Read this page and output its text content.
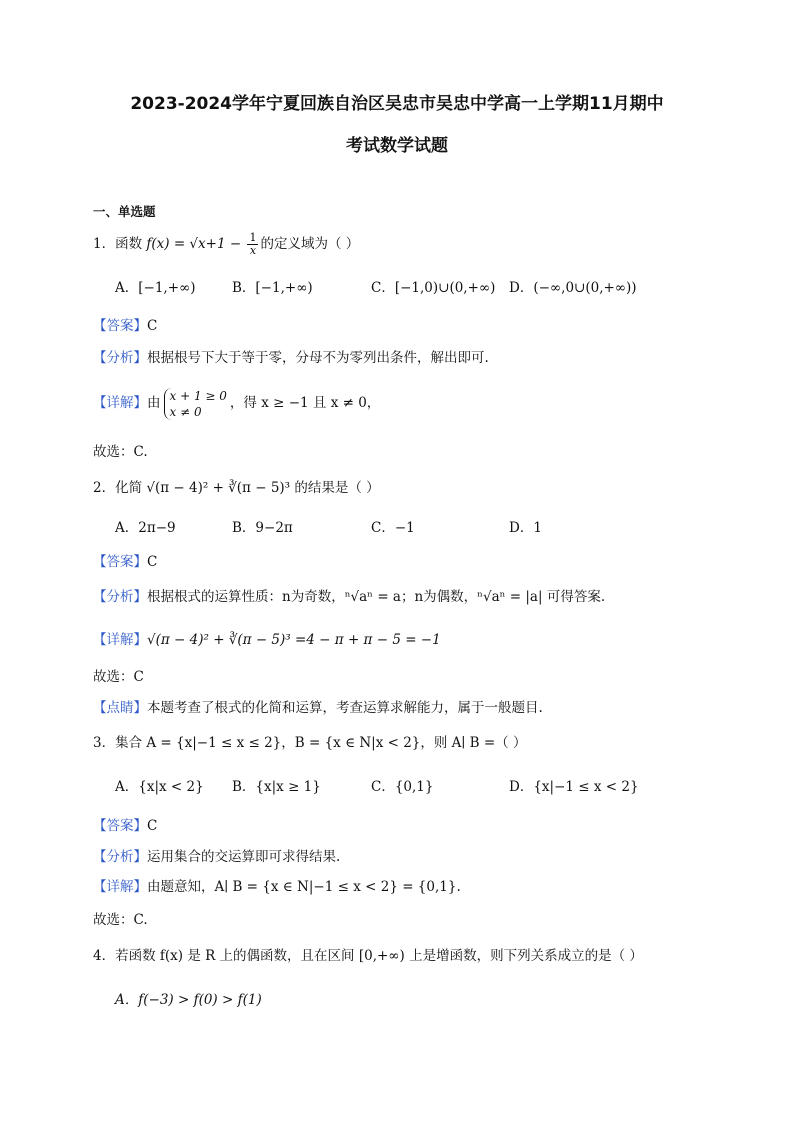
2023-2024学年宁夏回族自治区吴忠市吴忠中学高一上学期11月期中
考试数学试题
一、单选题
1．函数 $f(x) = √x+1 - \frac{1}{x}$ 的定义域为（ ）
A．[−1,+∞)	B．[−1,+∞)	C．[−1,0)∪(0,+∞) D．(−∞,0∪(0,+∞))
【答案】C
【分析】根据根号下大于等于零，分母不为零列出条件，解出即可.
【详解】由 x + 1 ≥ 0
x ≠ 0
，得 x ≥ −1 且 x ≠ 0，
故选：C.
2．化简 √(π − 4)² + ∛(π − 5)³ 的结果是（ ）
A．2π−9	B．9−2π	C．−1	D．1
【答案】C
【分析】根据根式的运算性质：n为奇数，ⁿ√aⁿ = a；n为偶数，ⁿ√aⁿ = |a| 可得答案.
【详解】√(π − 4)² + ∛(π − 5)³ =4 − π + π − 5 = −1
故选：C
【点睛】本题考查了根式的化简和运算，考查运算求解能力，属于一般题目.
3．集合 A = {x|−1 ≤ x ≤ 2}，B = {x ∈ N|x < 2}，则 A∣ B =（ ）
A．{x|x < 2} B．{x|x ≥ 1}	C．{0,1}	D．{x|−1 ≤ x < 2}
【答案】C
【分析】运用集合的交运算即可求得结果.
【详解】由题意知，A∣ B = {x ∈ N|−1 ≤ x < 2} = {0,1}.
故选：C.
4．若函数 f(x) 是 R 上的偶函数，且在区间 [0,+∞) 上是增函数，则下列关系成立的是（ ）
A．f(−3) > f(0) > f(1)
